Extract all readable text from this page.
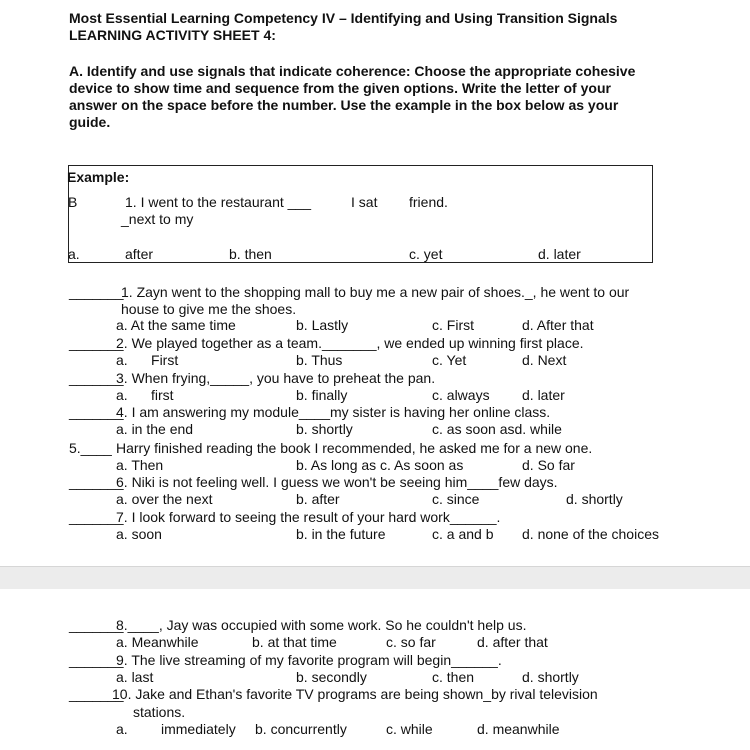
Most Essential Learning Competency IV – Identifying and Using Transition Signals
LEARNING ACTIVITY SHEET 4:
A. Identify and use signals that indicate coherence: Choose the appropriate cohesive
device to show time and sequence from the given options. Write the letter of your
answer on the space before the number. Use the example in the box below as your
guide.
Example:
B	1. I went to the restaurant ___	I sat friend.
_next to my
a.	after	b. then	c. yet	d. later
_______
1. Zayn went to the shopping mall to buy me a new pair of shoes._, he went to our
house to give me the shoes.
a. At the same time	b. Lastly	c. First	d. After that
_______
2. We played together as a team._______, we ended up winning first place.
a.      First	b. Thus	c. Yet	d. Next
_______
3. When frying,_____, you have to preheat the pan.
a.      first	b. finally	c. always d. later
_______
4. I am answering my module____my sister is having her online class.
a. in the end	b. shortly	c. as soon asd. while
5.____ Harry finished reading the book I recommended, he asked me for a new one.
a. Then	b. As long as c. As soon as	d. So far
_______
6. Niki is not feeling well. I guess we won't be seeing him____few days.
a. over the next	b. after	c. since	d. shortly
_______
7. I look forward to seeing the result of your hard work______.
a. soon	b. in the future	c. a and b d. none of the choices
_______
8.____, Jay was occupied with some work. So he couldn't help us.
a. Meanwhile	b. at that time	c. so far	d. after that
_______
9. The live streaming of my favorite program will begin______.
a. last	b. secondly	c. then	d. shortly
_______
10. Jake and Ethan's favorite TV programs are being shown_by rival television
stations.
a. immediately b. concurrently	c. while	d. meanwhile
